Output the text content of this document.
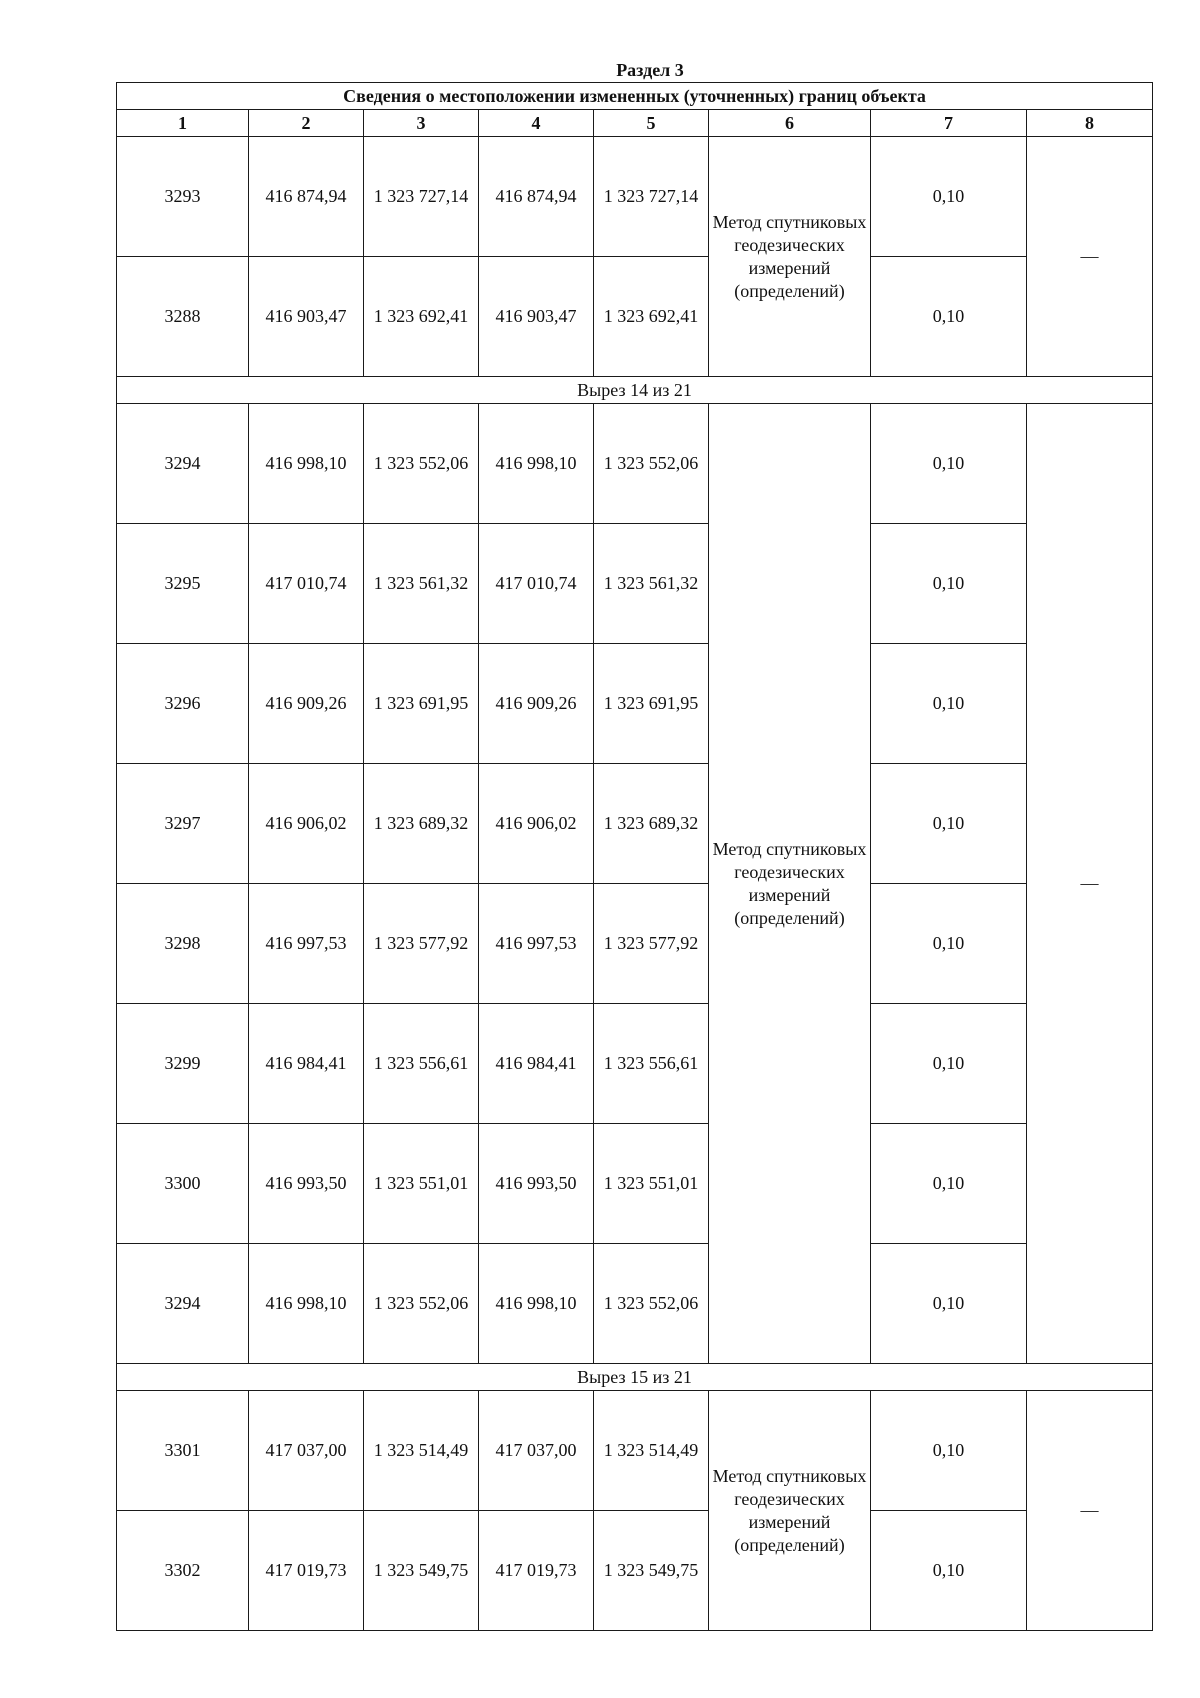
Раздел 3
Сведения о местоположении измененных (уточненных) границ объекта							
1	2	3	4	5	6	7	8
3293	416 874,94	1 323 727,14	416 874,94	1 323 727,14	Метод спутниковых геодезических измерений (определений)	0,10	—
3288	416 903,47	1 323 692,41	416 903,47	1 323 692,41		0,10	
Вырез 14 из 21							
3294	416 998,10	1 323 552,06	416 998,10	1 323 552,06	Метод спутниковых геодезических измерений (определений)	0,10	—
3295	417 010,74	1 323 561,32	417 010,74	1 323 561,32		0,10	
3296	416 909,26	1 323 691,95	416 909,26	1 323 691,95		0,10	
3297	416 906,02	1 323 689,32	416 906,02	1 323 689,32		0,10	
3298	416 997,53	1 323 577,92	416 997,53	1 323 577,92		0,10	
3299	416 984,41	1 323 556,61	416 984,41	1 323 556,61		0,10	
3300	416 993,50	1 323 551,01	416 993,50	1 323 551,01		0,10	
3294	416 998,10	1 323 552,06	416 998,10	1 323 552,06		0,10	
Вырез 15 из 21							
3301	417 037,00	1 323 514,49	417 037,00	1 323 514,49	Метод спутниковых геодезических измерений (определений)	0,10	—
3302	417 019,73	1 323 549,75	417 019,73	1 323 549,75		0,10	
